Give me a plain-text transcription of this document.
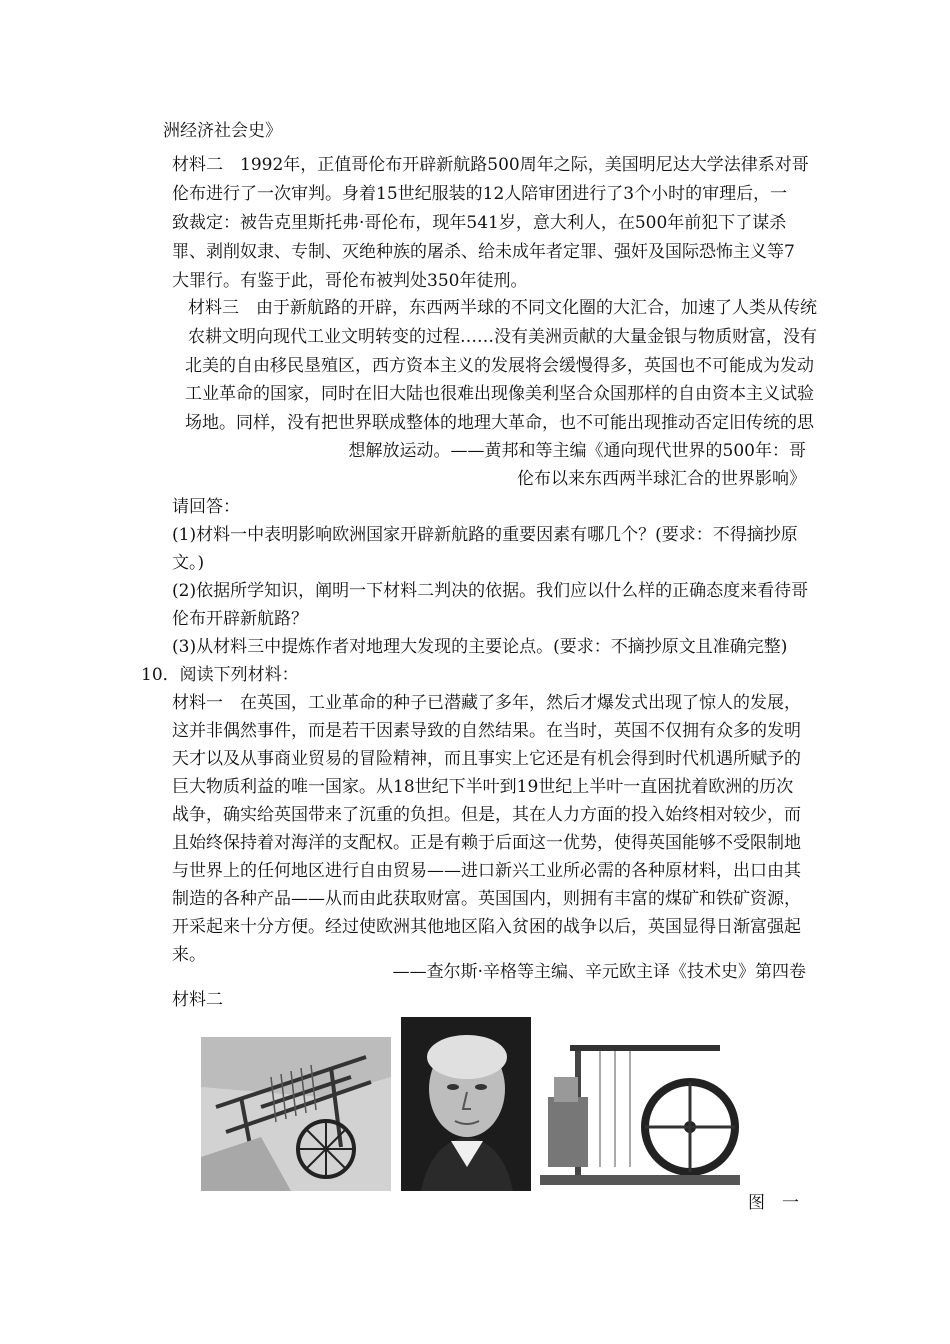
洲经济社会史》
材料二　1992年，正值哥伦布开辟新航路500周年之际，美国明尼达大学法律系对哥
伦布进行了一次审判。身着15世纪服装的12人陪审团进行了3个小时的审理后，一
致裁定：被告克里斯托弗·哥伦布，现年541岁，意大利人，在500年前犯下了谋杀
罪、剥削奴隶、专制、灭绝种族的屠杀、给未成年者定罪、强奸及国际恐怖主义等7
大罪行。有鉴于此，哥伦布被判处350年徒刑。
材料三　由于新航路的开辟，东西两半球的不同文化圈的大汇合，加速了人类从传统
农耕文明向现代工业文明转变的过程……没有美洲贡献的大量金银与物质财富，没有
北美的自由移民垦殖区，西方资本主义的发展将会缓慢得多，英国也不可能成为发动
工业革命的国家，同时在旧大陆也很难出现像美利坚合众国那样的自由资本主义试验
场地。同样，没有把世界联成整体的地理大革命，也不可能出现推动否定旧传统的思
想解放运动。——黄邦和等主编《通向现代世界的500年：哥
伦布以来东西两半球汇合的世界影响》
请回答：
(1)材料一中表明影响欧洲国家开辟新航路的重要因素有哪几个？(要求：不得摘抄原
文。)
(2)依据所学知识，阐明一下材料二判决的依据。我们应以什么样的正确态度来看待哥
伦布开辟新航路？
(3)从材料三中提炼作者对地理大发现的主要论点。(要求：不摘抄原文且准确完整)
10．阅读下列材料：
材料一　在英国，工业革命的种子已潜藏了多年，然后才爆发式出现了惊人的发展，
这并非偶然事件，而是若干因素导致的自然结果。在当时，英国不仅拥有众多的发明
天才以及从事商业贸易的冒险精神，而且事实上它还是有机会得到时代机遇所赋予的
巨大物质利益的唯一国家。从18世纪下半叶到19世纪上半叶一直困扰着欧洲的历次
战争，确实给英国带来了沉重的负担。但是，其在人力方面的投入始终相对较少，而
且始终保持着对海洋的支配权。正是有赖于后面这一优势，使得英国能够不受限制地
与世界上的任何地区进行自由贸易——进口新兴工业所必需的各种原材料，出口由其
制造的各种产品——从而由此获取财富。英国国内，则拥有丰富的煤矿和铁矿资源，
开采起来十分方便。经过使欧洲其他地区陷入贫困的战争以后，英国显得日渐富强起
来。
——查尔斯·辛格等主编、辛元欧主译《技术史》第四卷
材料二
图　一
